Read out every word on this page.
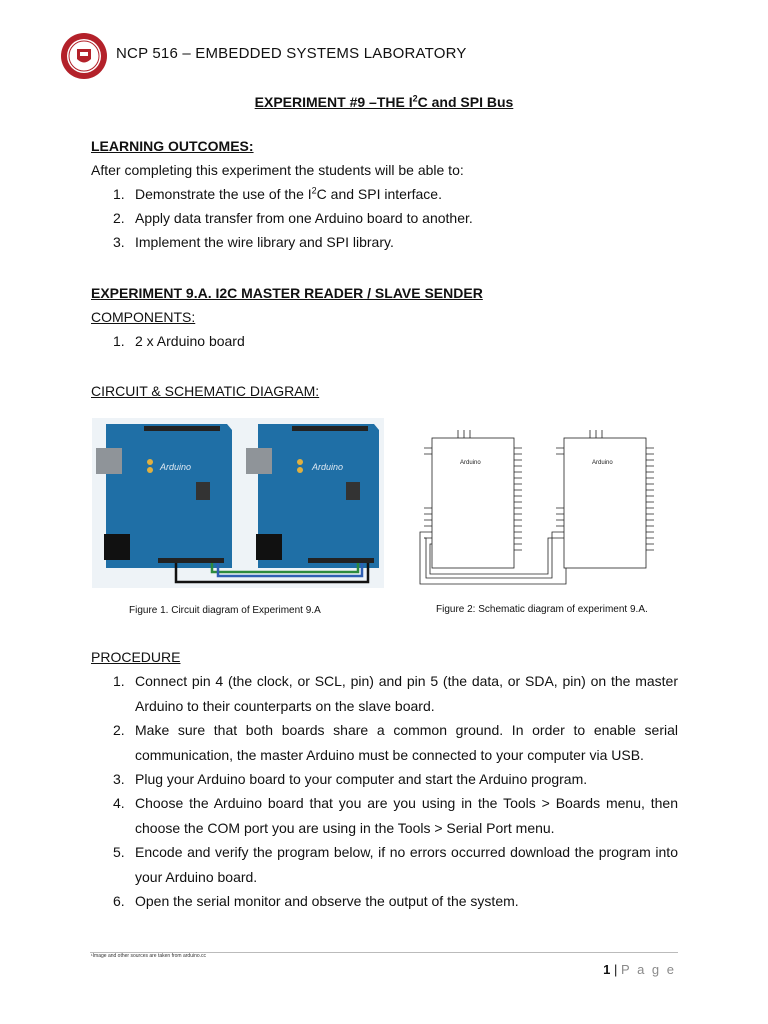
NCP 516 – EMBEDDED SYSTEMS LABORATORY
EXPERIMENT #9 –THE $I^2C$ and SPI Bus
LEARNING OUTCOMES:
After completing this experiment the students will be able to:
1. Demonstrate the use of the $I^2C$ and SPI interface.
2. Apply data transfer from one Arduino board to another.
3. Implement the wire library and SPI library.
EXPERIMENT 9.A. I2C MASTER READER / SLAVE SENDER
COMPONENTS:
1. 2 x Arduino board
CIRCUIT & SCHEMATIC DIAGRAM:
Arduino	Arduino
Figure 1. Circuit diagram of Experiment 9.A
Arduino	Arduino
Figure 2: Schematic diagram of experiment 9.A.
PROCEDURE
1. Connect pin 4 (the clock, or SCL, pin) and pin 5 (the data, or SDA, pin) on the master Arduino to their counterparts on the slave board.
2. Make sure that both boards share a common ground. In order to enable serial communication, the master Arduino must be connected to your computer via USB.
3. Plug your Arduino board to your computer and start the Arduino program.
4. Choose the Arduino board that you are you using in the Tools > Boards menu, then choose the COM port you are using in the Tools > Serial Port menu.
5. Encode and verify the program below, if no errors occurred download the program into your Arduino board.
6. Open the serial monitor and observe the output of the system.
¹Image and other sources are taken from arduino.cc
1 | P a g e
